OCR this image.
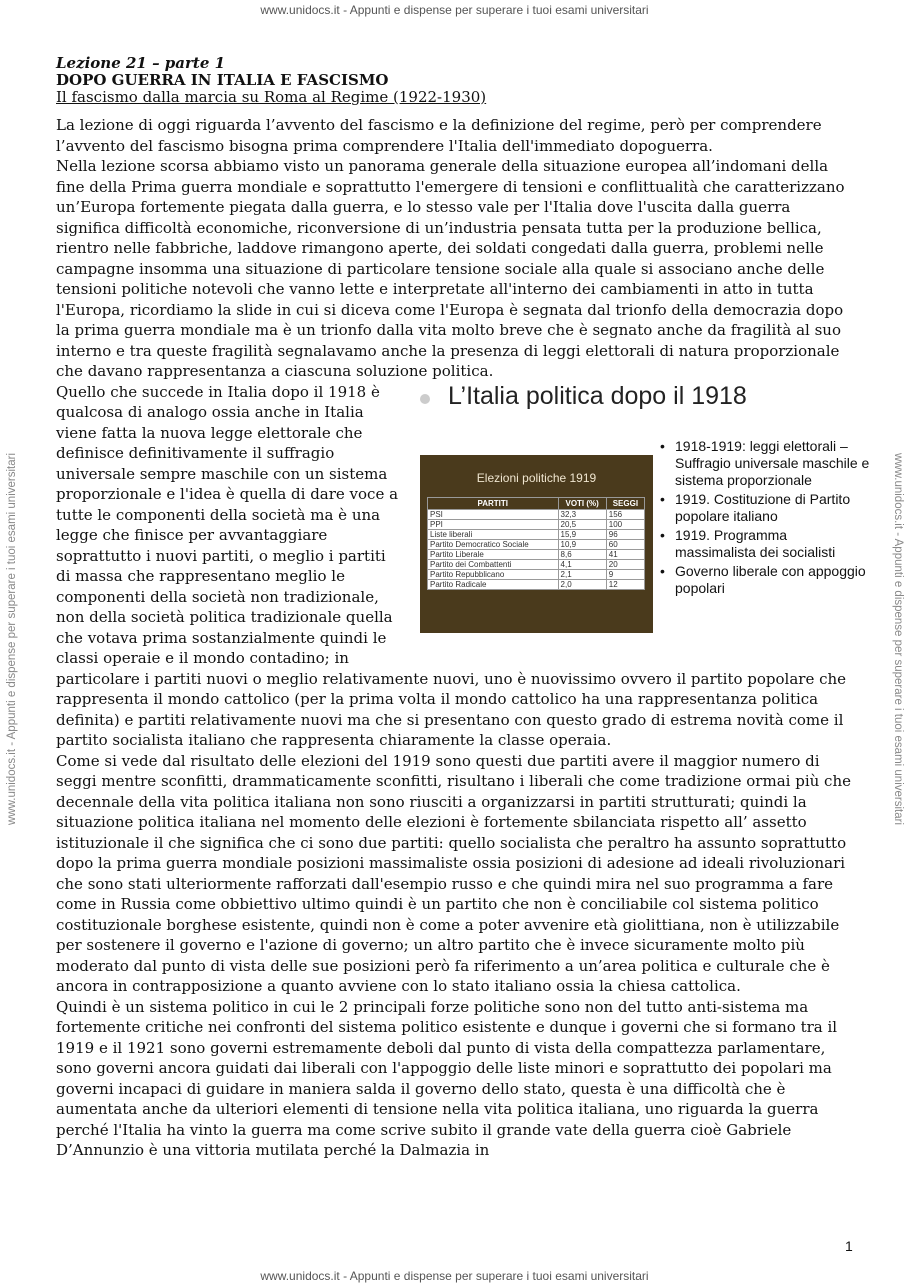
www.unidocs.it - Appunti e dispense per superare i tuoi esami universitari
www.unidocs.it - Appunti e dispense per superare i tuoi esami universitari	www.unidocs.it - Appunti e dispense per superare i tuoi esami universitari
Lezione 21 – parte 1
DOPO GUERRA IN ITALIA E FASCISMO
Il fascismo dalla marcia su Roma al Regime (1922-1930)

La lezione di oggi riguarda l’avvento del fascismo e la definizione del regime, però per comprendere l’avvento del fascismo bisogna prima comprendere l'Italia dell'immediato dopoguerra.

Nella lezione scorsa abbiamo visto un panorama generale della situazione europea all’indomani della fine della Prima guerra mondiale e soprattutto l'emergere di tensioni e conflittualità che caratterizzano un’Europa fortemente piegata dalla guerra, e lo stesso vale per l'Italia dove l'uscita dalla guerra significa difficoltà economiche, riconversione di un’industria pensata tutta per la produzione bellica, rientro nelle fabbriche, laddove rimangono aperte, dei soldati congedati dalla guerra, problemi nelle campagne insomma una situazione di particolare tensione sociale alla quale si associano anche delle tensioni politiche notevoli che vanno lette e interpretate all'interno dei cambiamenti in atto in tutta l'Europa, ricordiamo la slide in cui si diceva come l'Europa è segnata dal trionfo della democrazia dopo la prima guerra mondiale ma è un trionfo dalla vita molto breve che è segnato anche da fragilità al suo interno e tra queste fragilità segnalavamo anche la presenza di leggi elettorali di natura proporzionale che davano rappresentanza a ciascuna soluzione politica.

L’Italia politica dopo il 1918
Elezioni politiche 1919
PARTITI	VOTI (%)	SEGGI
PSI	32,3	156
PPI	20,5	100
Liste liberali	15,9	96
Partito Democratico Sociale	10,9	60
Partito Liberale	8,6	41
Partito dei Combattenti	4,1	20
Partito Repubblicano	2,1	9
Partito Radicale	2,0	12
• 1918-1919: leggi elettorali – Suffragio universale maschile e sistema proporzionale
• 1919. Costituzione di Partito popolare italiano
• 1919. Programma massimalista dei socialisti
• Governo liberale con appoggio popolari

Quello che succede in Italia dopo il 1918 è qualcosa di analogo ossia anche in Italia viene fatta la nuova legge elettorale che definisce definitivamente il suffragio universale sempre maschile con un sistema proporzionale e l'idea è quella di dare voce a tutte le componenti della società ma è una legge che finisce per avvantaggiare soprattutto i nuovi partiti, o meglio i partiti di massa che rappresentano meglio le componenti della società non tradizionale, non della società politica tradizionale quella che votava prima sostanzialmente quindi le classi operaie e il mondo contadino; in particolare i partiti nuovi o meglio relativamente nuovi, uno è nuovissimo ovvero il partito popolare che rappresenta il mondo cattolico (per la prima volta il mondo cattolico ha una rappresentanza politica definita) e partiti relativamente nuovi ma che si presentano con questo grado di estrema novità come il partito socialista italiano che rappresenta chiaramente la classe operaia.

Come si vede dal risultato delle elezioni del 1919 sono questi due partiti avere il maggior numero di seggi mentre sconfitti, drammaticamente sconfitti, risultano i liberali che come tradizione ormai più che decennale della vita politica italiana non sono riusciti a organizzarsi in partiti strutturati; quindi la situazione politica italiana nel momento delle elezioni è fortemente sbilanciata rispetto all’ assetto istituzionale il che significa che ci sono due partiti: quello socialista che peraltro ha assunto soprattutto dopo la prima guerra mondiale posizioni massimaliste ossia posizioni di adesione ad ideali rivoluzionari che sono stati ulteriormente rafforzati dall'esempio russo e che quindi mira nel suo programma a fare come in Russia come obbiettivo ultimo quindi è un partito che non è conciliabile col sistema politico costituzionale borghese esistente, quindi non è come a poter avvenire età giolittiana, non è utilizzabile per sostenere il governo e l'azione di governo; un altro partito che è invece sicuramente molto più moderato dal punto di vista delle sue posizioni però fa riferimento a un’area politica e culturale che è ancora in contrapposizione a quanto avviene con lo stato italiano ossia la chiesa cattolica.

Quindi è un sistema politico in cui le 2 principali forze politiche sono non del tutto anti-sistema ma fortemente critiche nei confronti del sistema politico esistente e dunque i governi che si formano tra il 1919 e il 1921 sono governi estremamente deboli dal punto di vista della compattezza parlamentare, sono governi ancora guidati dai liberali con l'appoggio delle liste minori e soprattutto dei popolari ma governi incapaci di guidare in maniera salda il governo dello stato, questa è una difficoltà che è aumentata anche da ulteriori elementi di tensione nella vita politica italiana, uno riguarda la guerra perché l'Italia ha vinto la guerra ma come scrive subito il grande vate della guerra cioè Gabriele D’Annunzio è una vittoria mutilata perché la Dalmazia in

1
www.unidocs.it - Appunti e dispense per superare i tuoi esami universitari
